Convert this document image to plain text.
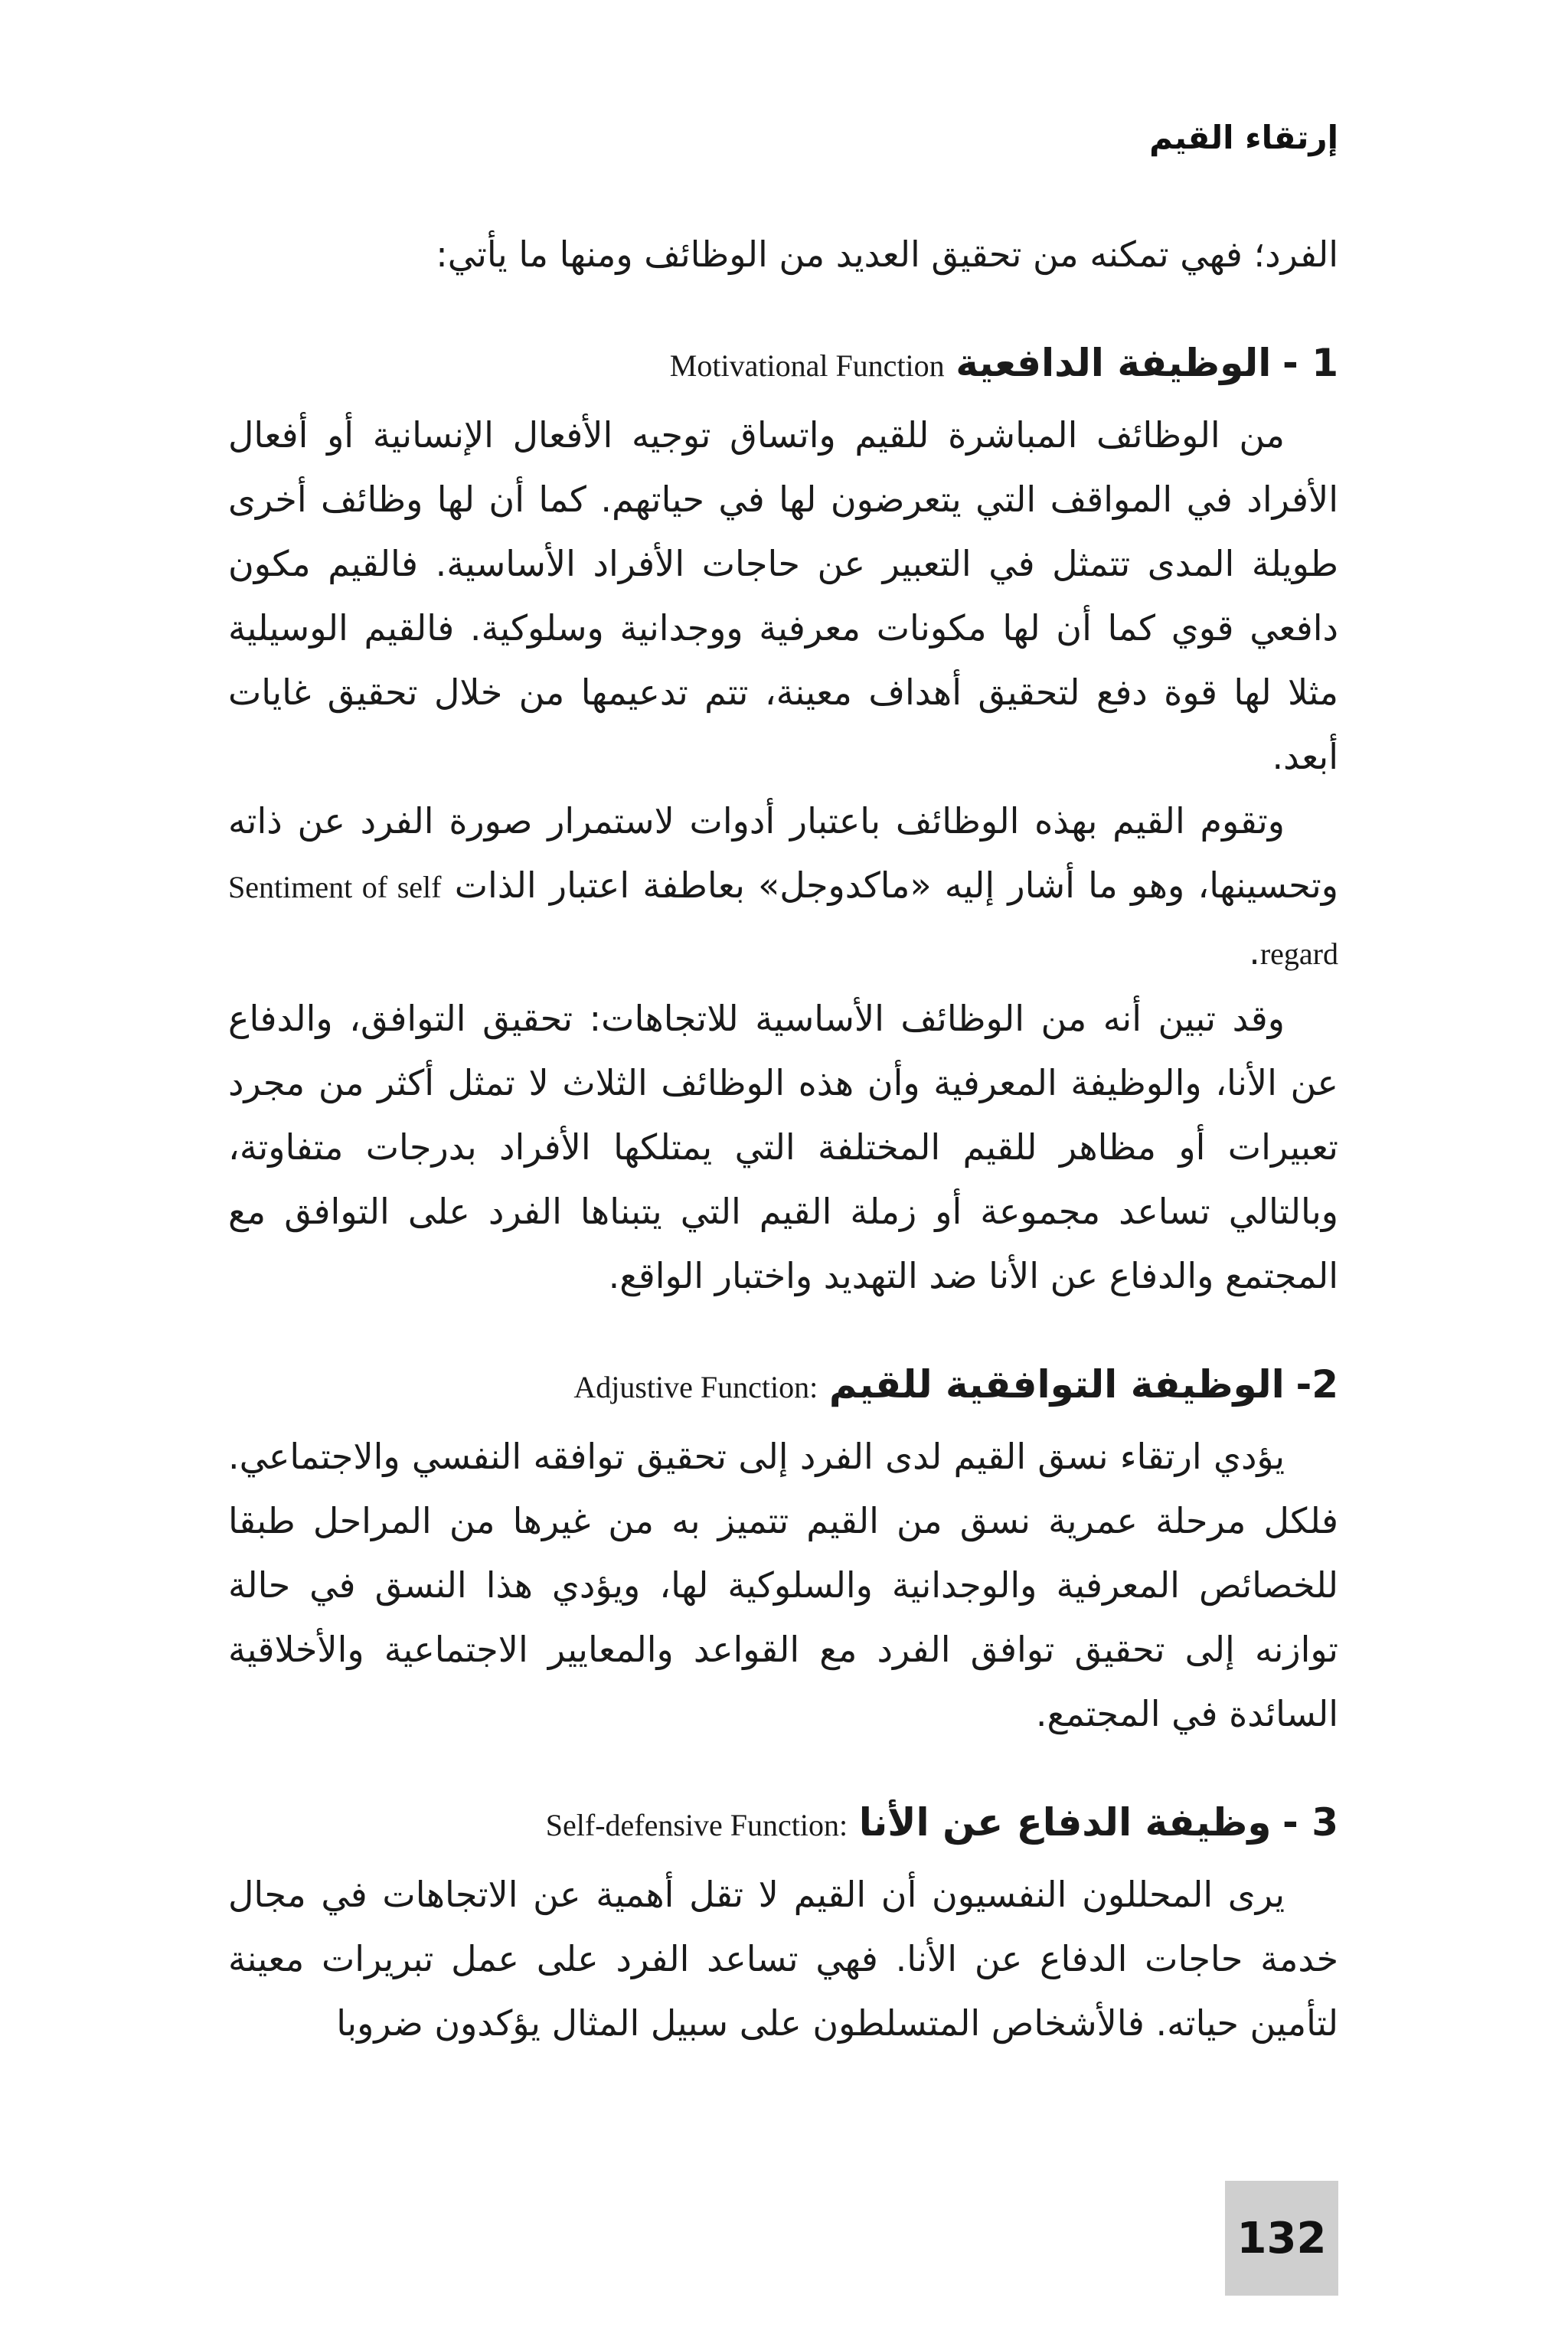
إرتقاء القيم

الفرد؛ فهي تمكنه من تحقيق العديد من الوظائف ومنها ما يأتي:

1 - الوظيفة الدافعية Motivational Function

من الوظائف المباشرة للقيم واتساق توجيه الأفعال الإنسانية أو أفعال الأفراد في المواقف التي يتعرضون لها في حياتهم. كما أن لها وظائف أخرى طويلة المدى تتمثل في التعبير عن حاجات الأفراد الأساسية. فالقيم مكون دافعي قوي كما أن لها مكونات معرفية ووجدانية وسلوكية. فالقيم الوسيلية مثلا لها قوة دفع لتحقيق أهداف معينة، تتم تدعيمها من خلال تحقيق غايات أبعد.

وتقوم القيم بهذه الوظائف باعتبار أدوات لاستمرار صورة الفرد عن ذاته وتحسينها، وهو ما أشار إليه «ماكدوجل» بعاطفة اعتبار الذات Sentiment of self regard.

وقد تبين أنه من الوظائف الأساسية للاتجاهات: تحقيق التوافق، والدفاع عن الأنا، والوظيفة المعرفية وأن هذه الوظائف الثلاث لا تمثل أكثر من مجرد تعبيرات أو مظاهر للقيم المختلفة التي يمتلكها الأفراد بدرجات متفاوتة، وبالتالي تساعد مجموعة أو زملة القيم التي يتبناها الفرد على التوافق مع المجتمع والدفاع عن الأنا ضد التهديد واختبار الواقع.

2- الوظيفة التوافقية للقيم Adjustive Function:

يؤدي ارتقاء نسق القيم لدى الفرد إلى تحقيق توافقه النفسي والاجتماعي. فلكل مرحلة عمرية نسق من القيم تتميز به من غيرها من المراحل طبقا للخصائص المعرفية والوجدانية والسلوكية لها، ويؤدي هذا النسق في حالة توازنه إلى تحقيق توافق الفرد مع القواعد والمعايير الاجتماعية والأخلاقية السائدة في المجتمع.

3 - وظيفة الدفاع عن الأنا Self-defensive Function:

يرى المحللون النفسيون أن القيم لا تقل أهمية عن الاتجاهات في مجال خدمة حاجات الدفاع عن الأنا. فهي تساعد الفرد على عمل تبريرات معينة لتأمين حياته. فالأشخاص المتسلطون على سبيل المثال يؤكدون ضروبا

132
